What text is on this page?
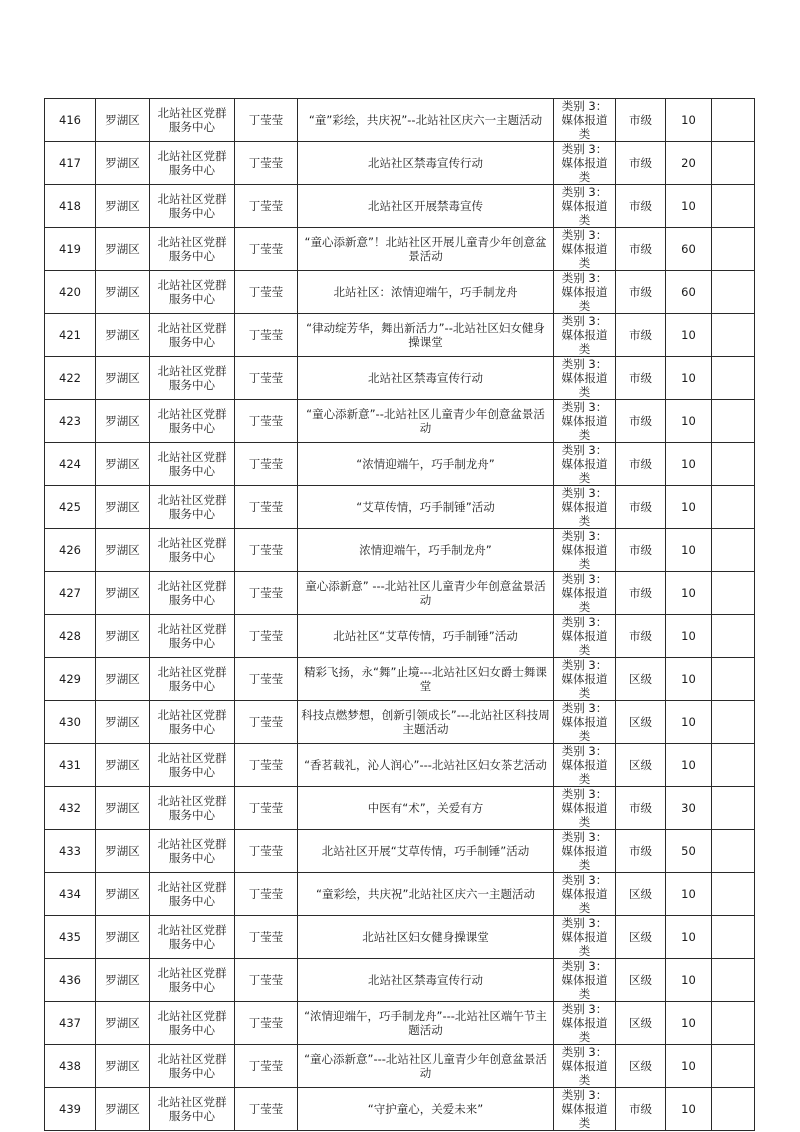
416	罗湖区	北站社区党群服务中心	丁莹莹	“童”彩绘，共庆祝”--北站社区庆六一主题活动	类别 3：媒体报道类	市级	10	
417	罗湖区	北站社区党群服务中心	丁莹莹	北站社区禁毒宣传行动	类别 3：媒体报道类	市级	20	
418	罗湖区	北站社区党群服务中心	丁莹莹	北站社区开展禁毒宣传	类别 3：媒体报道类	市级	10	
419	罗湖区	北站社区党群服务中心	丁莹莹	“童心添新意”！北站社区开展儿童青少年创意盆景活动	类别 3：媒体报道类	市级	60	
420	罗湖区	北站社区党群服务中心	丁莹莹	北站社区：浓情迎端午，巧手制龙舟	类别 3：媒体报道类	市级	60	
421	罗湖区	北站社区党群服务中心	丁莹莹	“律动绽芳华，舞出新活力”--北站社区妇女健身操课堂	类别 3：媒体报道类	市级	10	
422	罗湖区	北站社区党群服务中心	丁莹莹	北站社区禁毒宣传行动	类别 3：媒体报道类	市级	10	
423	罗湖区	北站社区党群服务中心	丁莹莹	“童心添新意”--北站社区儿童青少年创意盆景活动	类别 3：媒体报道类	市级	10	
424	罗湖区	北站社区党群服务中心	丁莹莹	“浓情迎端午，巧手制龙舟”	类别 3：媒体报道类	市级	10	
425	罗湖区	北站社区党群服务中心	丁莹莹	“艾草传情，巧手制锤”活动	类别 3：媒体报道类	市级	10	
426	罗湖区	北站社区党群服务中心	丁莹莹	浓情迎端午，巧手制龙舟”	类别 3：媒体报道类	市级	10	
427	罗湖区	北站社区党群服务中心	丁莹莹	童心添新意” ---北站社区儿童青少年创意盆景活动	类别 3：媒体报道类	市级	10	
428	罗湖区	北站社区党群服务中心	丁莹莹	北站社区“艾草传情，巧手制锤”活动	类别 3：媒体报道类	市级	10	
429	罗湖区	北站社区党群服务中心	丁莹莹	精彩飞扬，永“舞”止境---北站社区妇女爵士舞课堂	类别 3：媒体报道类	区级	10	
430	罗湖区	北站社区党群服务中心	丁莹莹	科技点燃梦想，创新引领成长”---北站社区科技周主题活动	类别 3：媒体报道类	区级	10	
431	罗湖区	北站社区党群服务中心	丁莹莹	“香茗载礼，沁人润心”---北站社区妇女茶艺活动	类别 3：媒体报道类	区级	10	
432	罗湖区	北站社区党群服务中心	丁莹莹	中医有“术”，关爱有方	类别 3：媒体报道类	市级	30	
433	罗湖区	北站社区党群服务中心	丁莹莹	北站社区开展“艾草传情，巧手制锤”活动	类别 3：媒体报道类	市级	50	
434	罗湖区	北站社区党群服务中心	丁莹莹	“童彩绘，共庆祝”北站社区庆六一主题活动	类别 3：媒体报道类	区级	10	
435	罗湖区	北站社区党群服务中心	丁莹莹	北站社区妇女健身操课堂	类别 3：媒体报道类	区级	10	
436	罗湖区	北站社区党群服务中心	丁莹莹	北站社区禁毒宣传行动	类别 3：媒体报道类	区级	10	
437	罗湖区	北站社区党群服务中心	丁莹莹	“浓情迎端午，巧手制龙舟”---北站社区端午节主题活动	类别 3：媒体报道类	区级	10	
438	罗湖区	北站社区党群服务中心	丁莹莹	“童心添新意”---北站社区儿童青少年创意盆景活动	类别 3：媒体报道类	区级	10	
439	罗湖区	北站社区党群服务中心	丁莹莹	“守护童心，关爱未来”	类别 3：媒体报道类	市级	10	
